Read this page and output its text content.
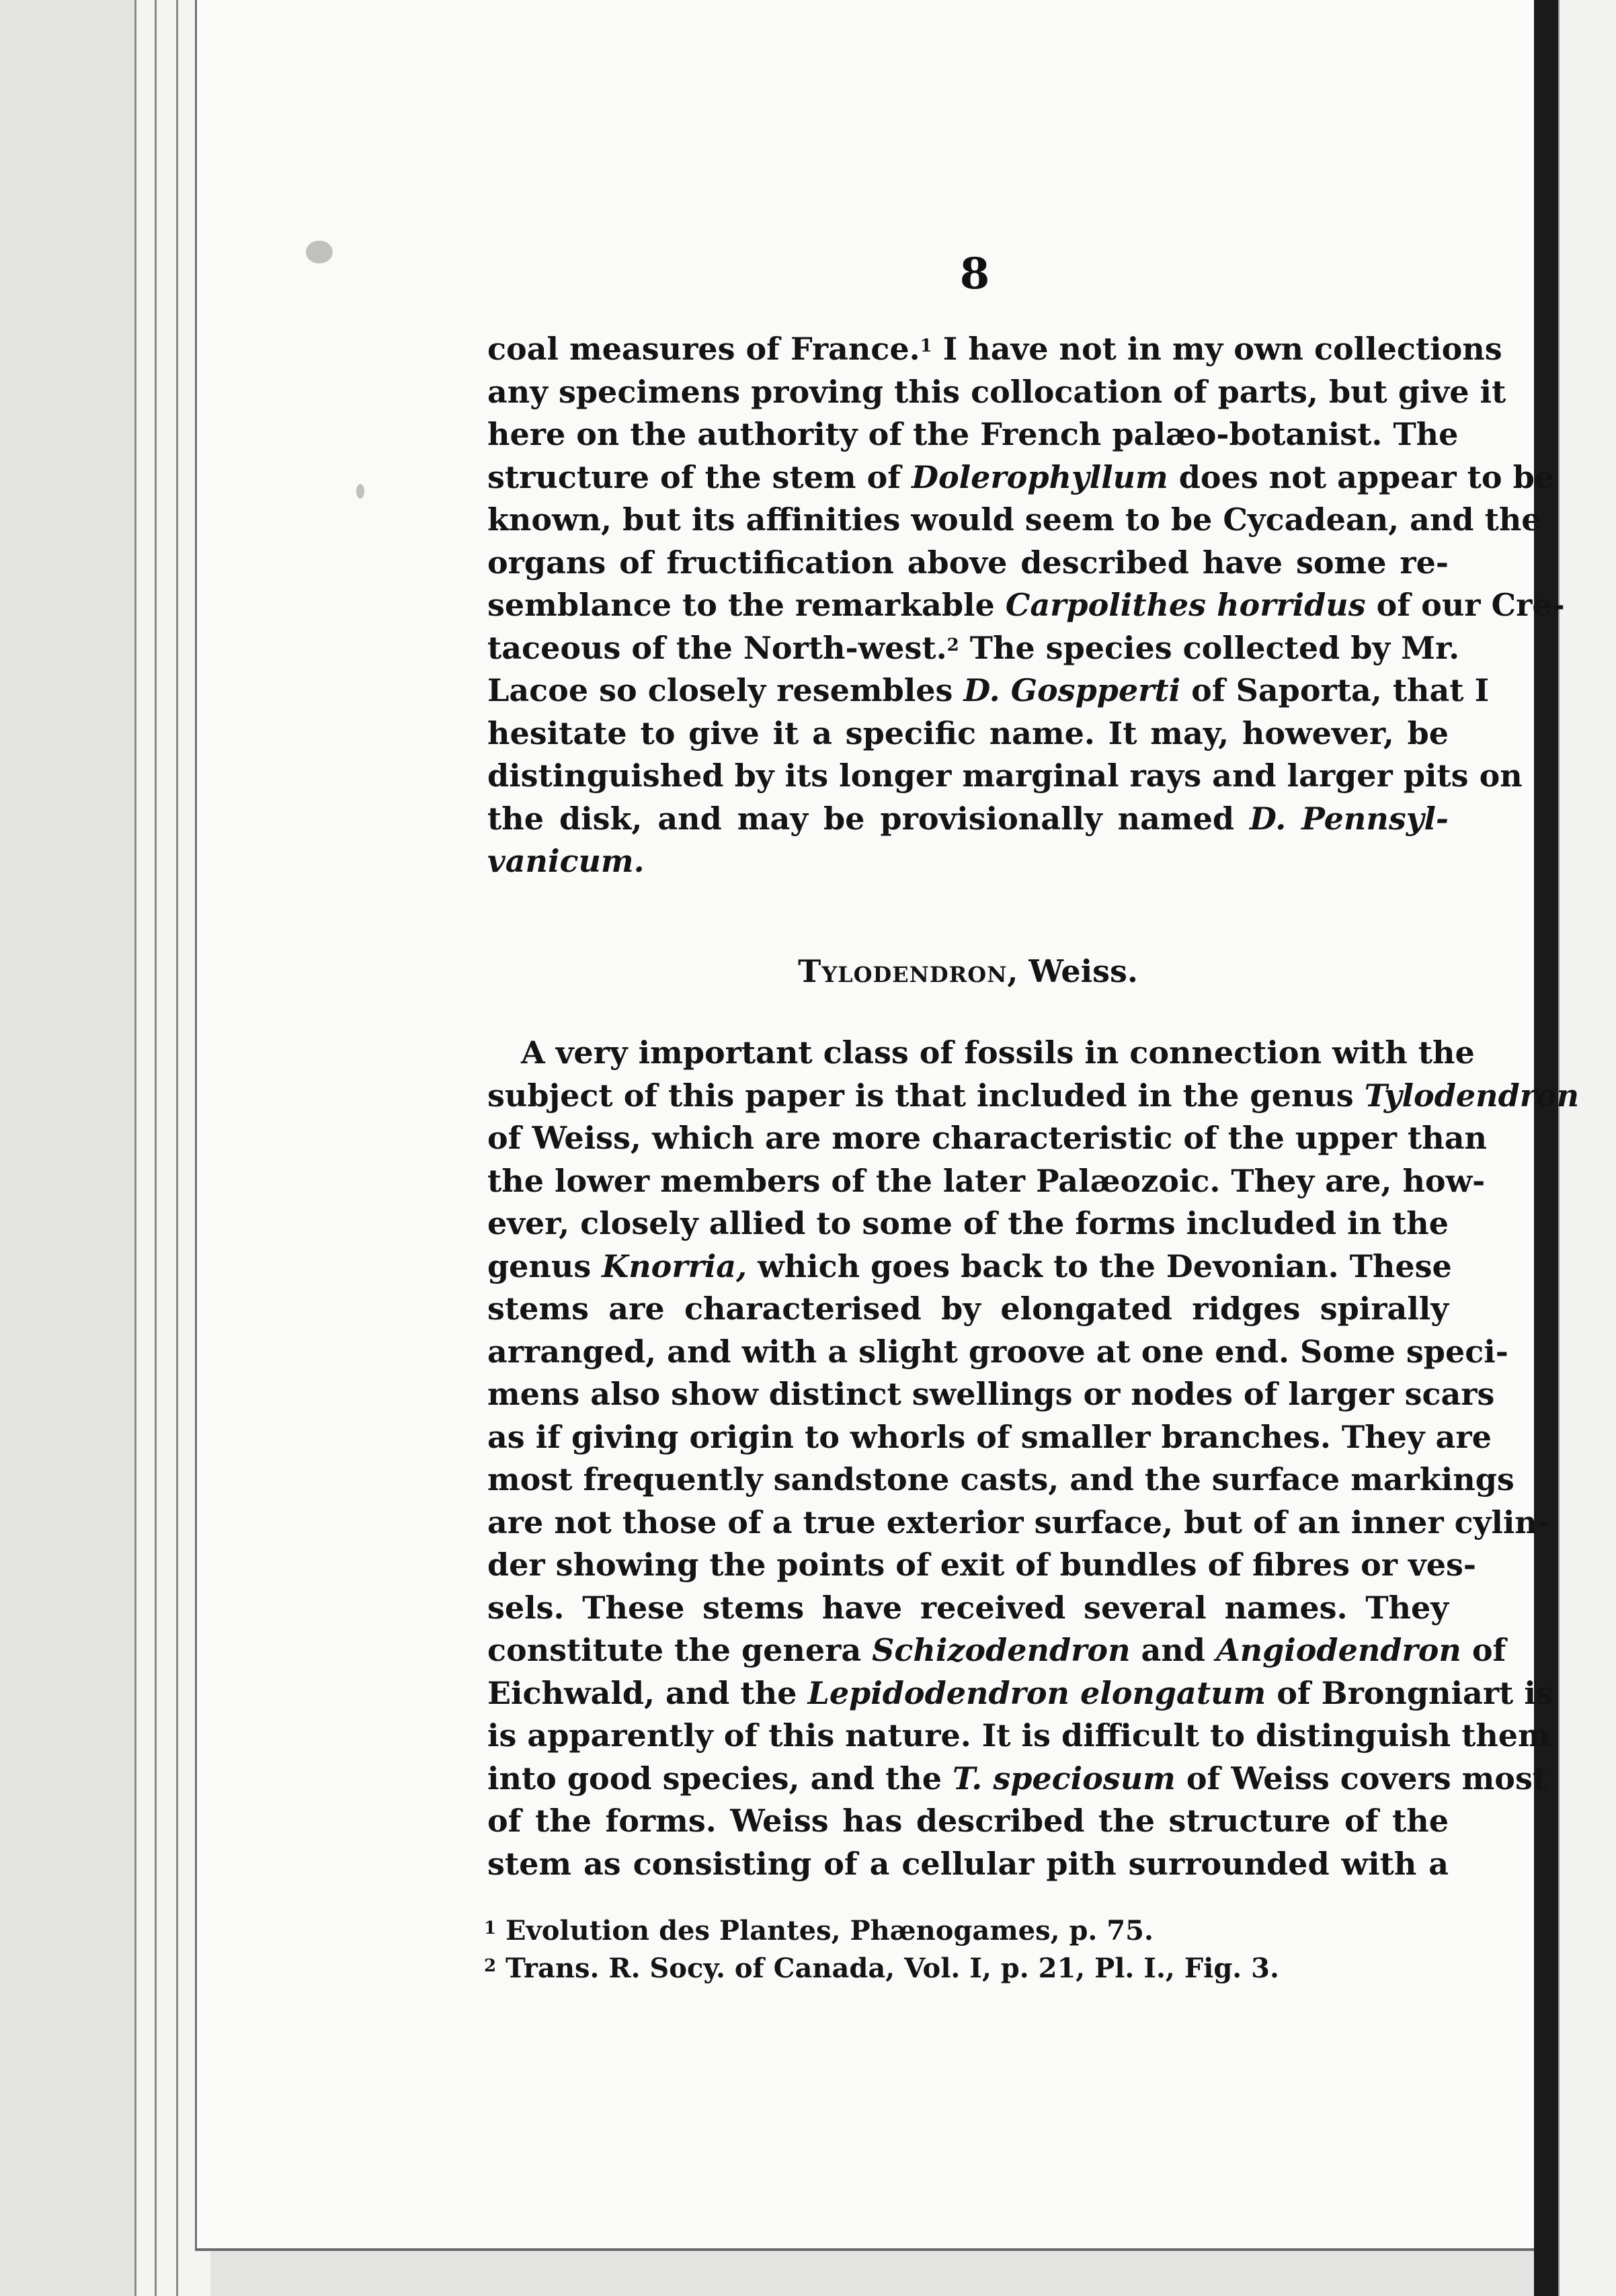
8
coal measures of France.$^1$ I have not in my own collections
any specimens proving this collocation of parts, but give it
here on the authority of the French palæo-botanist. The
structure of the stem of Dolerophyllum does not appear to be
known, but its affinities would seem to be Cycadean, and the
organs of fructification above described have some re-
semblance to the remarkable Carpolithes horridus of our Cre-
taceous of the North-west.$^2$ The species collected by Mr.
Lacoe so closely resembles D. Gospperti of Saporta, that I
hesitate to give it a specific name. It may, however, be
distinguished by its longer marginal rays and larger pits on
the disk, and may be provisionally named D. Pennsyl-
vanicum.
Tylodendron, Weiss.
A very important class of fossils in connection with the
subject of this paper is that included in the genus Tylodendron
of Weiss, which are more characteristic of the upper than
the lower members of the later Palæozoic. They are, how-
ever, closely allied to some of the forms included in the
genus Knorria, which goes back to the Devonian. These
stems are characterised by elongated ridges spirally
arranged, and with a slight groove at one end. Some speci-
mens also show distinct swellings or nodes of larger scars
as if giving origin to whorls of smaller branches. They are
most frequently sandstone casts, and the surface markings
are not those of a true exterior surface, but of an inner cylin-
der showing the points of exit of bundles of fibres or ves-
sels. These stems have received several names. They
constitute the genera Schizodendron and Angiodendron of
Eichwald, and the Lepidodendron elongatum of Brongniart is
is apparently of this nature. It is difficult to distinguish them
into good species, and the T. speciosum of Weiss covers most
of the forms. Weiss has described the structure of the
stem as consisting of a cellular pith surrounded with a
$^1$ Evolution des Plantes, Phænogames, p. 75.
$^2$ Trans. R. Socy. of Canada, Vol. I, p. 21, Pl. I., Fig. 3.
